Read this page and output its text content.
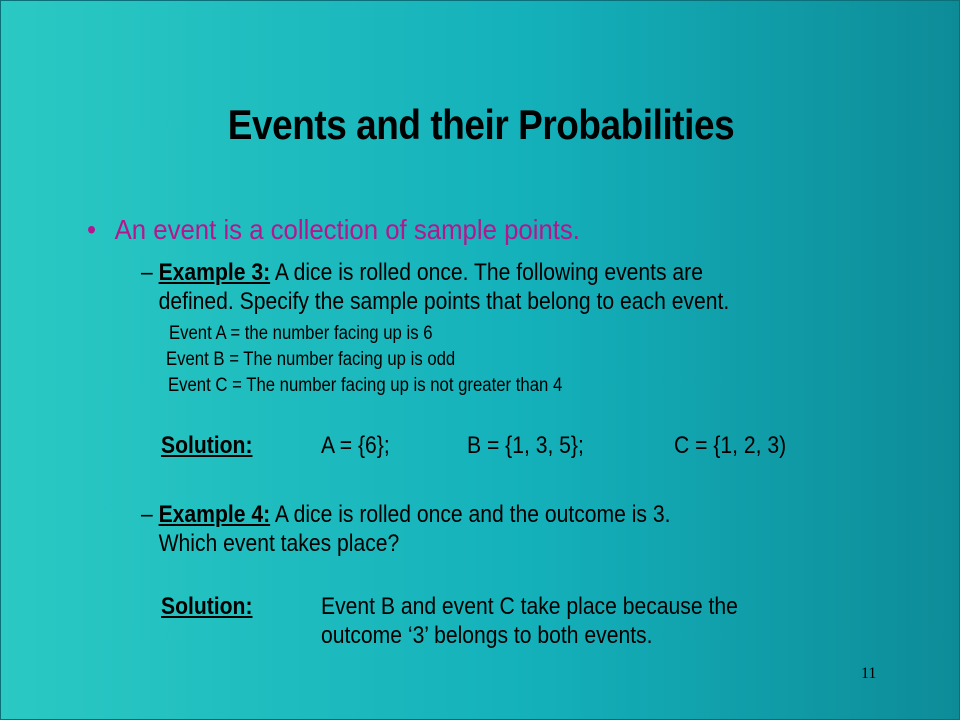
Events and their Probabilities
• An event is a collection of sample points.
– Example 3: A dice is rolled once. The following events are
defined. Specify the sample points that belong to each event.
Event A = the number facing up is 6
Event B = The number facing up is odd
Event C = The number facing up is not greater than 4
Solution:	A = {6};	B = {1, 3, 5};	C = {1, 2, 3)
– Example 4: A dice is rolled once and the outcome is 3.
Which event takes place?
Solution:	Event B and event C take place because the
outcome ‘3’ belongs to both events.
11
